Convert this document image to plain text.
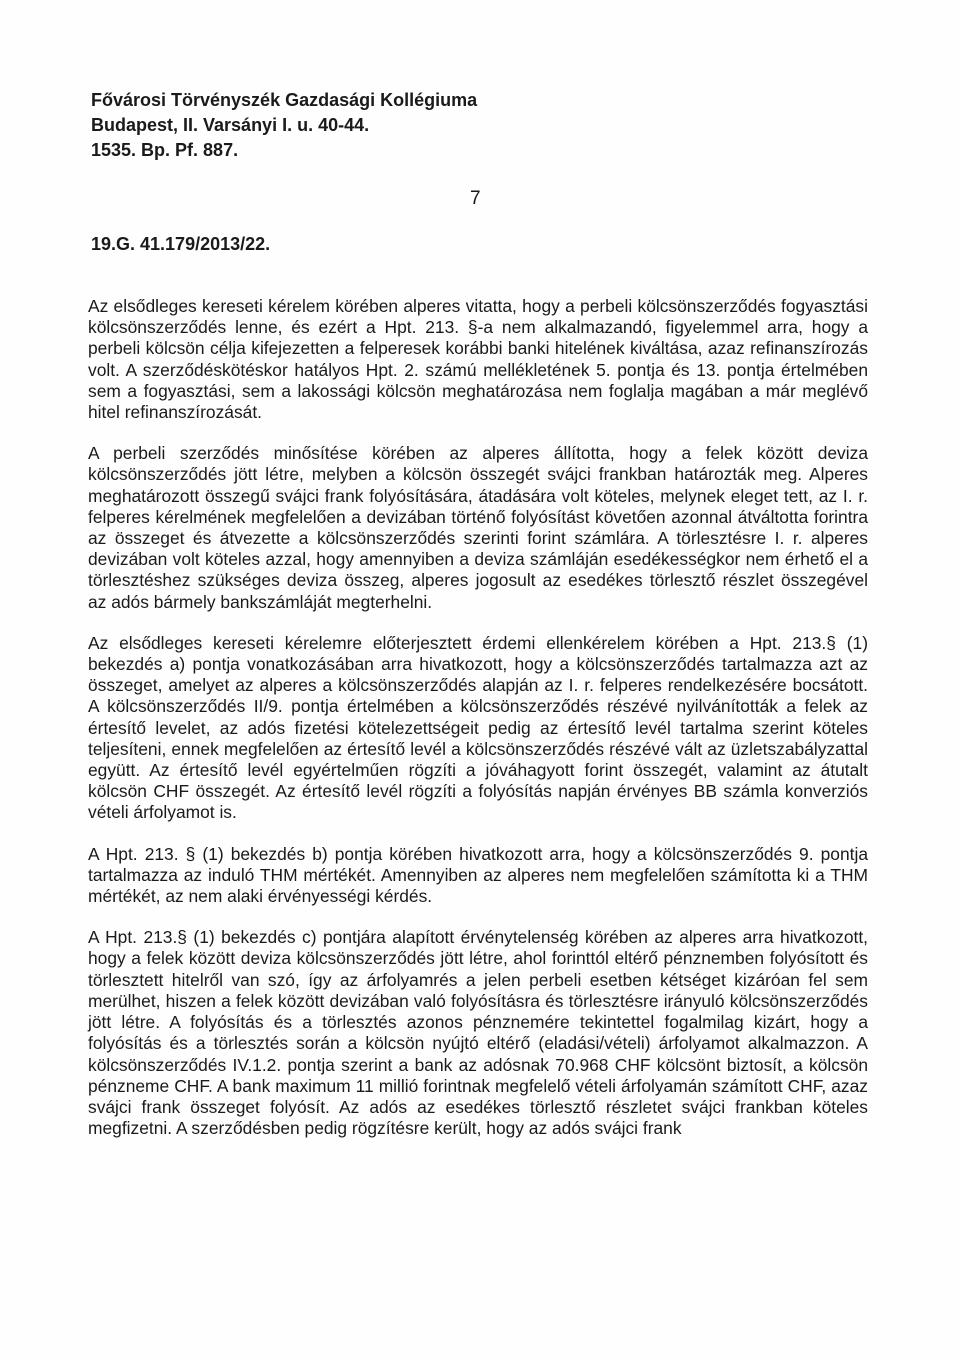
Fővárosi Törvényszék Gazdasági Kollégiuma
Budapest, II. Varsányi I. u. 40-44.
1535. Bp. Pf. 887.
7
19.G. 41.179/2013/22.

Az elsődleges kereseti kérelem körében alperes vitatta, hogy a perbeli kölcsönszerződés fogyasztási kölcsönszerződés lenne, és ezért a Hpt. 213. §-a nem alkalmazandó, figyelemmel arra, hogy a perbeli kölcsön célja kifejezetten a felperesek korábbi banki hitelének kiváltása, azaz refinanszírozás volt. A szerződéskötéskor hatályos Hpt. 2. számú mellékletének 5. pontja és 13. pontja értelmében sem a fogyasztási, sem a lakossági kölcsön meghatározása nem foglalja magában a már meglévő hitel refinanszírozását.

A perbeli szerződés minősítése körében az alperes állította, hogy a felek között deviza kölcsönszerződés jött létre, melyben a kölcsön összegét svájci frankban határozták meg. Alperes meghatározott összegű svájci frank folyósítására, átadására volt köteles, melynek eleget tett, az I. r. felperes kérelmének megfelelően a devizában történő folyósítást követően azonnal átváltotta forintra az összeget és átvezette a kölcsönszerződés szerinti forint számlára. A törlesztésre I. r. alperes devizában volt köteles azzal, hogy amennyiben a deviza számláján esedékességkor nem érhető el a törlesztéshez szükséges deviza összeg, alperes jogosult az esedékes törlesztő részlet összegével az adós bármely bankszámláját megterhelni.

Az elsődleges kereseti kérelemre előterjesztett érdemi ellenkérelem körében a Hpt. 213.§ (1) bekezdés a) pontja vonatkozásában arra hivatkozott, hogy a kölcsönszerződés tartalmazza azt az összeget, amelyet az alperes a kölcsönszerződés alapján az I. r. felperes rendelkezésére bocsátott. A kölcsönszerződés II/9. pontja értelmében a kölcsönszerződés részévé nyilvánították a felek az értesítő levelet, az adós fizetési kötelezettségeit pedig az értesítő levél tartalma szerint köteles teljesíteni, ennek megfelelően az értesítő levél a kölcsönszerződés részévé vált az üzletszabályzattal együtt. Az értesítő levél egyértelműen rögzíti a jóváhagyott forint összegét, valamint az átutalt kölcsön CHF összegét. Az értesítő levél rögzíti a folyósítás napján érvényes BB számla konverziós vételi árfolyamot is.

A Hpt. 213. § (1) bekezdés b) pontja körében hivatkozott arra, hogy a kölcsönszerződés 9. pontja tartalmazza az induló THM mértékét. Amennyiben az alperes nem megfelelően számította ki a THM mértékét, az nem alaki érvényességi kérdés.

A Hpt. 213.§ (1) bekezdés c) pontjára alapított érvénytelenség körében az alperes arra hivatkozott, hogy a felek között deviza kölcsönszerződés jött létre, ahol forinttól eltérő pénznemben folyósított és törlesztett hitelről van szó, így az árfolyamrés a jelen perbeli esetben kétséget kizáróan fel sem merülhet, hiszen a felek között devizában való folyósításra és törlesztésre irányuló kölcsönszerződés jött létre. A folyósítás és a törlesztés azonos pénznemére tekintettel fogalmilag kizárt, hogy a folyósítás és a törlesztés során a kölcsön nyújtó eltérő (eladási/vételi) árfolyamot alkalmazzon. A kölcsönszerződés IV.1.2. pontja szerint a bank az adósnak 70.968 CHF kölcsönt biztosít, a kölcsön pénzneme CHF. A bank maximum 11 millió forintnak megfelelő vételi árfolyamán számított CHF, azaz svájci frank összeget folyósít. Az adós az esedékes törlesztő részletet svájci frankban köteles megfizetni. A szerződésben pedig rögzítésre került, hogy az adós svájci frank
